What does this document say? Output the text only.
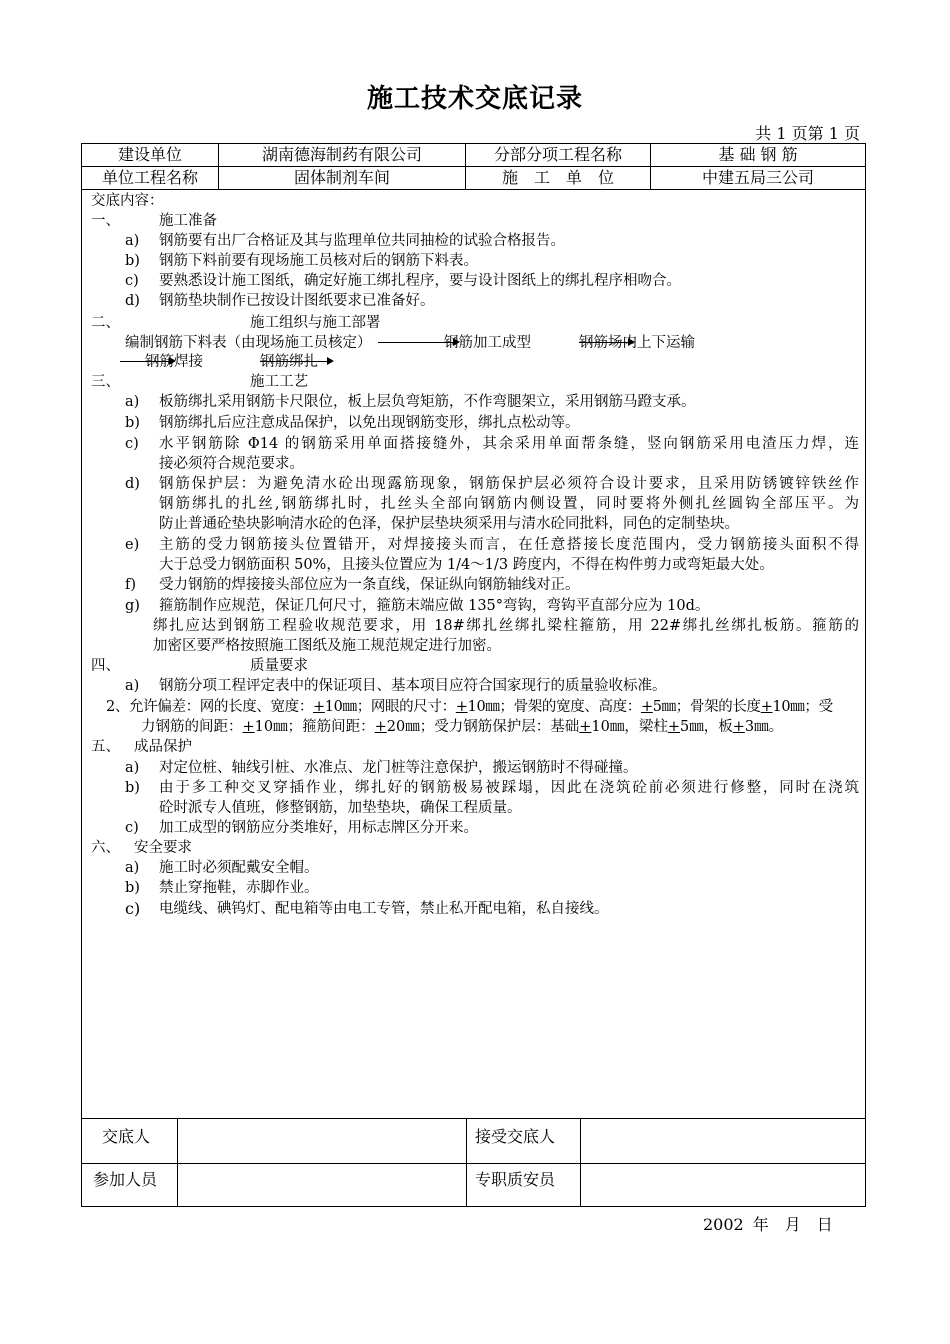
施工技术交底记录
共 1 页第 1 页
建设单位	湖南德海制药有限公司	分部分项工程名称	基 础 钢 筋
单位工程名称	固体制剂车间	施　工　单　位	中建五局三公司
交底内容：
一、	施工准备
a) 钢筋要有出厂合格证及其与监理单位共同抽检的试验合格报告。
b) 钢筋下料前要有现场施工员核对后的钢筋下料表。
c) 要熟悉设计施工图纸，确定好施工绑扎程序，要与设计图纸上的绑扎程序相吻合。
d) 钢筋垫块制作已按设计图纸要求已准备好。
二、	施工组织与施工部署
编制钢筋下料表（由现场施工员核定）	钢筋加工成型	钢筋场内上下运输
钢筋焊接	钢筋绑扎
三、	施工工艺
a) 板筋绑扎采用钢筋卡尺限位，板上层负弯矩筋，不作弯腿架立，采用钢筋马蹬支承。
b) 钢筋绑扎后应注意成品保护，以免出现钢筋变形，绑扎点松动等。
c) 水平钢筋除 Φ14 的钢筋采用单面搭接缝外，其余采用单面帮条缝，竖向钢筋采用电渣压力焊，连
接必须符合规范要求。
d) 钢筋保护层：为避免清水砼出现露筋现象，钢筋保护层必须符合设计要求，且采用防锈镀锌铁丝作
钢筋绑扎的扎丝,钢筋绑扎时，扎丝头全部向钢筋内侧设置，同时要将外侧扎丝圆钩全部压平。为
防止普通砼垫块影响清水砼的色泽，保护层垫块须采用与清水砼同批料，同色的定制垫块。
e) 主筋的受力钢筋接头位置错开，对焊接接头而言，在任意搭接长度范围内，受力钢筋接头面积不得
大于总受力钢筋面积 50%，且接头位置应为 1/4～1/3 跨度内，不得在构件剪力或弯矩最大处。
f) 受力钢筋的焊接接头部位应为一条直线，保证纵向钢筋轴线对正。
g) 箍筋制作应规范，保证几何尺寸，箍筋末端应做 135°弯钩，弯钩平直部分应为 10d。
绑扎应达到钢筋工程验收规范要求，用 18#绑扎丝绑扎梁柱箍筋，用 22#绑扎丝绑扎板筋。箍筋的
加密区要严格按照施工图纸及施工规范规定进行加密。
四、	质量要求
a) 钢筋分项工程评定表中的保证项目、基本项目应符合国家现行的质量验收标准。
2、允许偏差：网的长度、宽度：+10㎜；网眼的尺寸：+10㎜；骨架的宽度、高度：+5㎜；骨架的长度+10㎜；受
力钢筋的间距：+10㎜；箍筋间距：+20㎜；受力钢筋保护层：基础+10㎜，梁柱+5㎜，板+3㎜。
五、 成品保护
a) 对定位桩、轴线引桩、水准点、龙门桩等注意保护，搬运钢筋时不得碰撞。
b) 由于多工种交叉穿插作业，绑扎好的钢筋极易被踩塌，因此在浇筑砼前必须进行修整，同时在浇筑
砼时派专人值班，修整钢筋，加垫垫块，确保工程质量。
c) 加工成型的钢筋应分类堆好，用标志牌区分开来。
六、 安全要求
a) 施工时必须配戴安全帽。
b) 禁止穿拖鞋，赤脚作业。
c) 电缆线、碘钨灯、配电箱等由电工专管，禁止私开配电箱，私自接线。
交底人	接受交底人
参加人员	专职质安员
2002 年　月　日
